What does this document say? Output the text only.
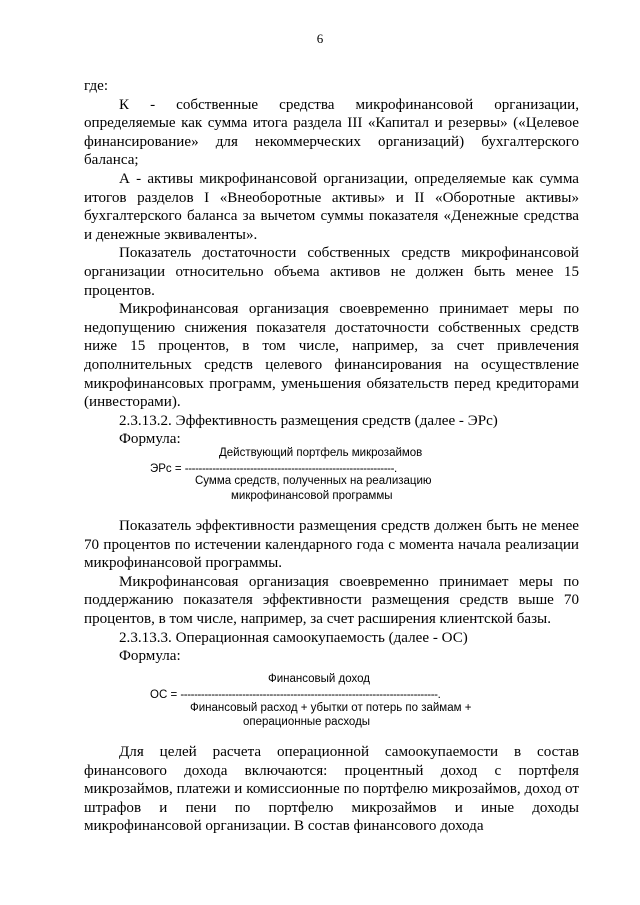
6

где:

К - собственные средства микрофинансовой организации, определяемые как сумма итога раздела III «Капитал и резервы» («Целевое финансирование» для некоммерческих организаций) бухгалтерского баланса;

А - активы микрофинансовой организации, определяемые как сумма итогов разделов I «Внеоборотные активы» и II «Оборотные активы» бухгалтерского баланса за вычетом суммы показателя «Денежные средства и денежные эквиваленты».

Показатель достаточности собственных средств микрофинансовой организации относительно объема активов не должен быть менее 15 процентов.

Микрофинансовая организация своевременно принимает меры по недопущению снижения показателя достаточности собственных средств ниже 15 процентов, в том числе, например, за счет привлечения дополнительных средств целевого финансирования на осуществление микрофинансовых программ, уменьшения обязательств перед кредиторами (инвесторами).

2.3.13.2. Эффективность размещения средств (далее - ЭРс)

Формула:

Действующий портфель микрозаймов
ЭРс = -------------------------------------------------------------.
Сумма средств, полученных на реализацию
микрофинансовой программы

Показатель эффективности размещения средств должен быть не менее 70 процентов по истечении календарного года с момента начала реализации микрофинансовой программы.

Микрофинансовая организация своевременно принимает меры по поддержанию показателя эффективности размещения средств выше 70 процентов, в том числе, например, за счет расширения клиентской базы.

2.3.13.3. Операционная самоокупаемость (далее - ОС)

Формула:

Финансовый доход
ОС = ---------------------------------------------------------------------------.
Финансовый расход + убытки от потерь по займам +
операционные расходы

Для целей расчета операционной самоокупаемости в состав финансового дохода включаются: процентный доход с портфеля микрозаймов, платежи и комиссионные по портфелю микрозаймов, доход от штрафов и пени по портфелю микрозаймов и иные доходы микрофинансовой организации. В состав финансового дохода
